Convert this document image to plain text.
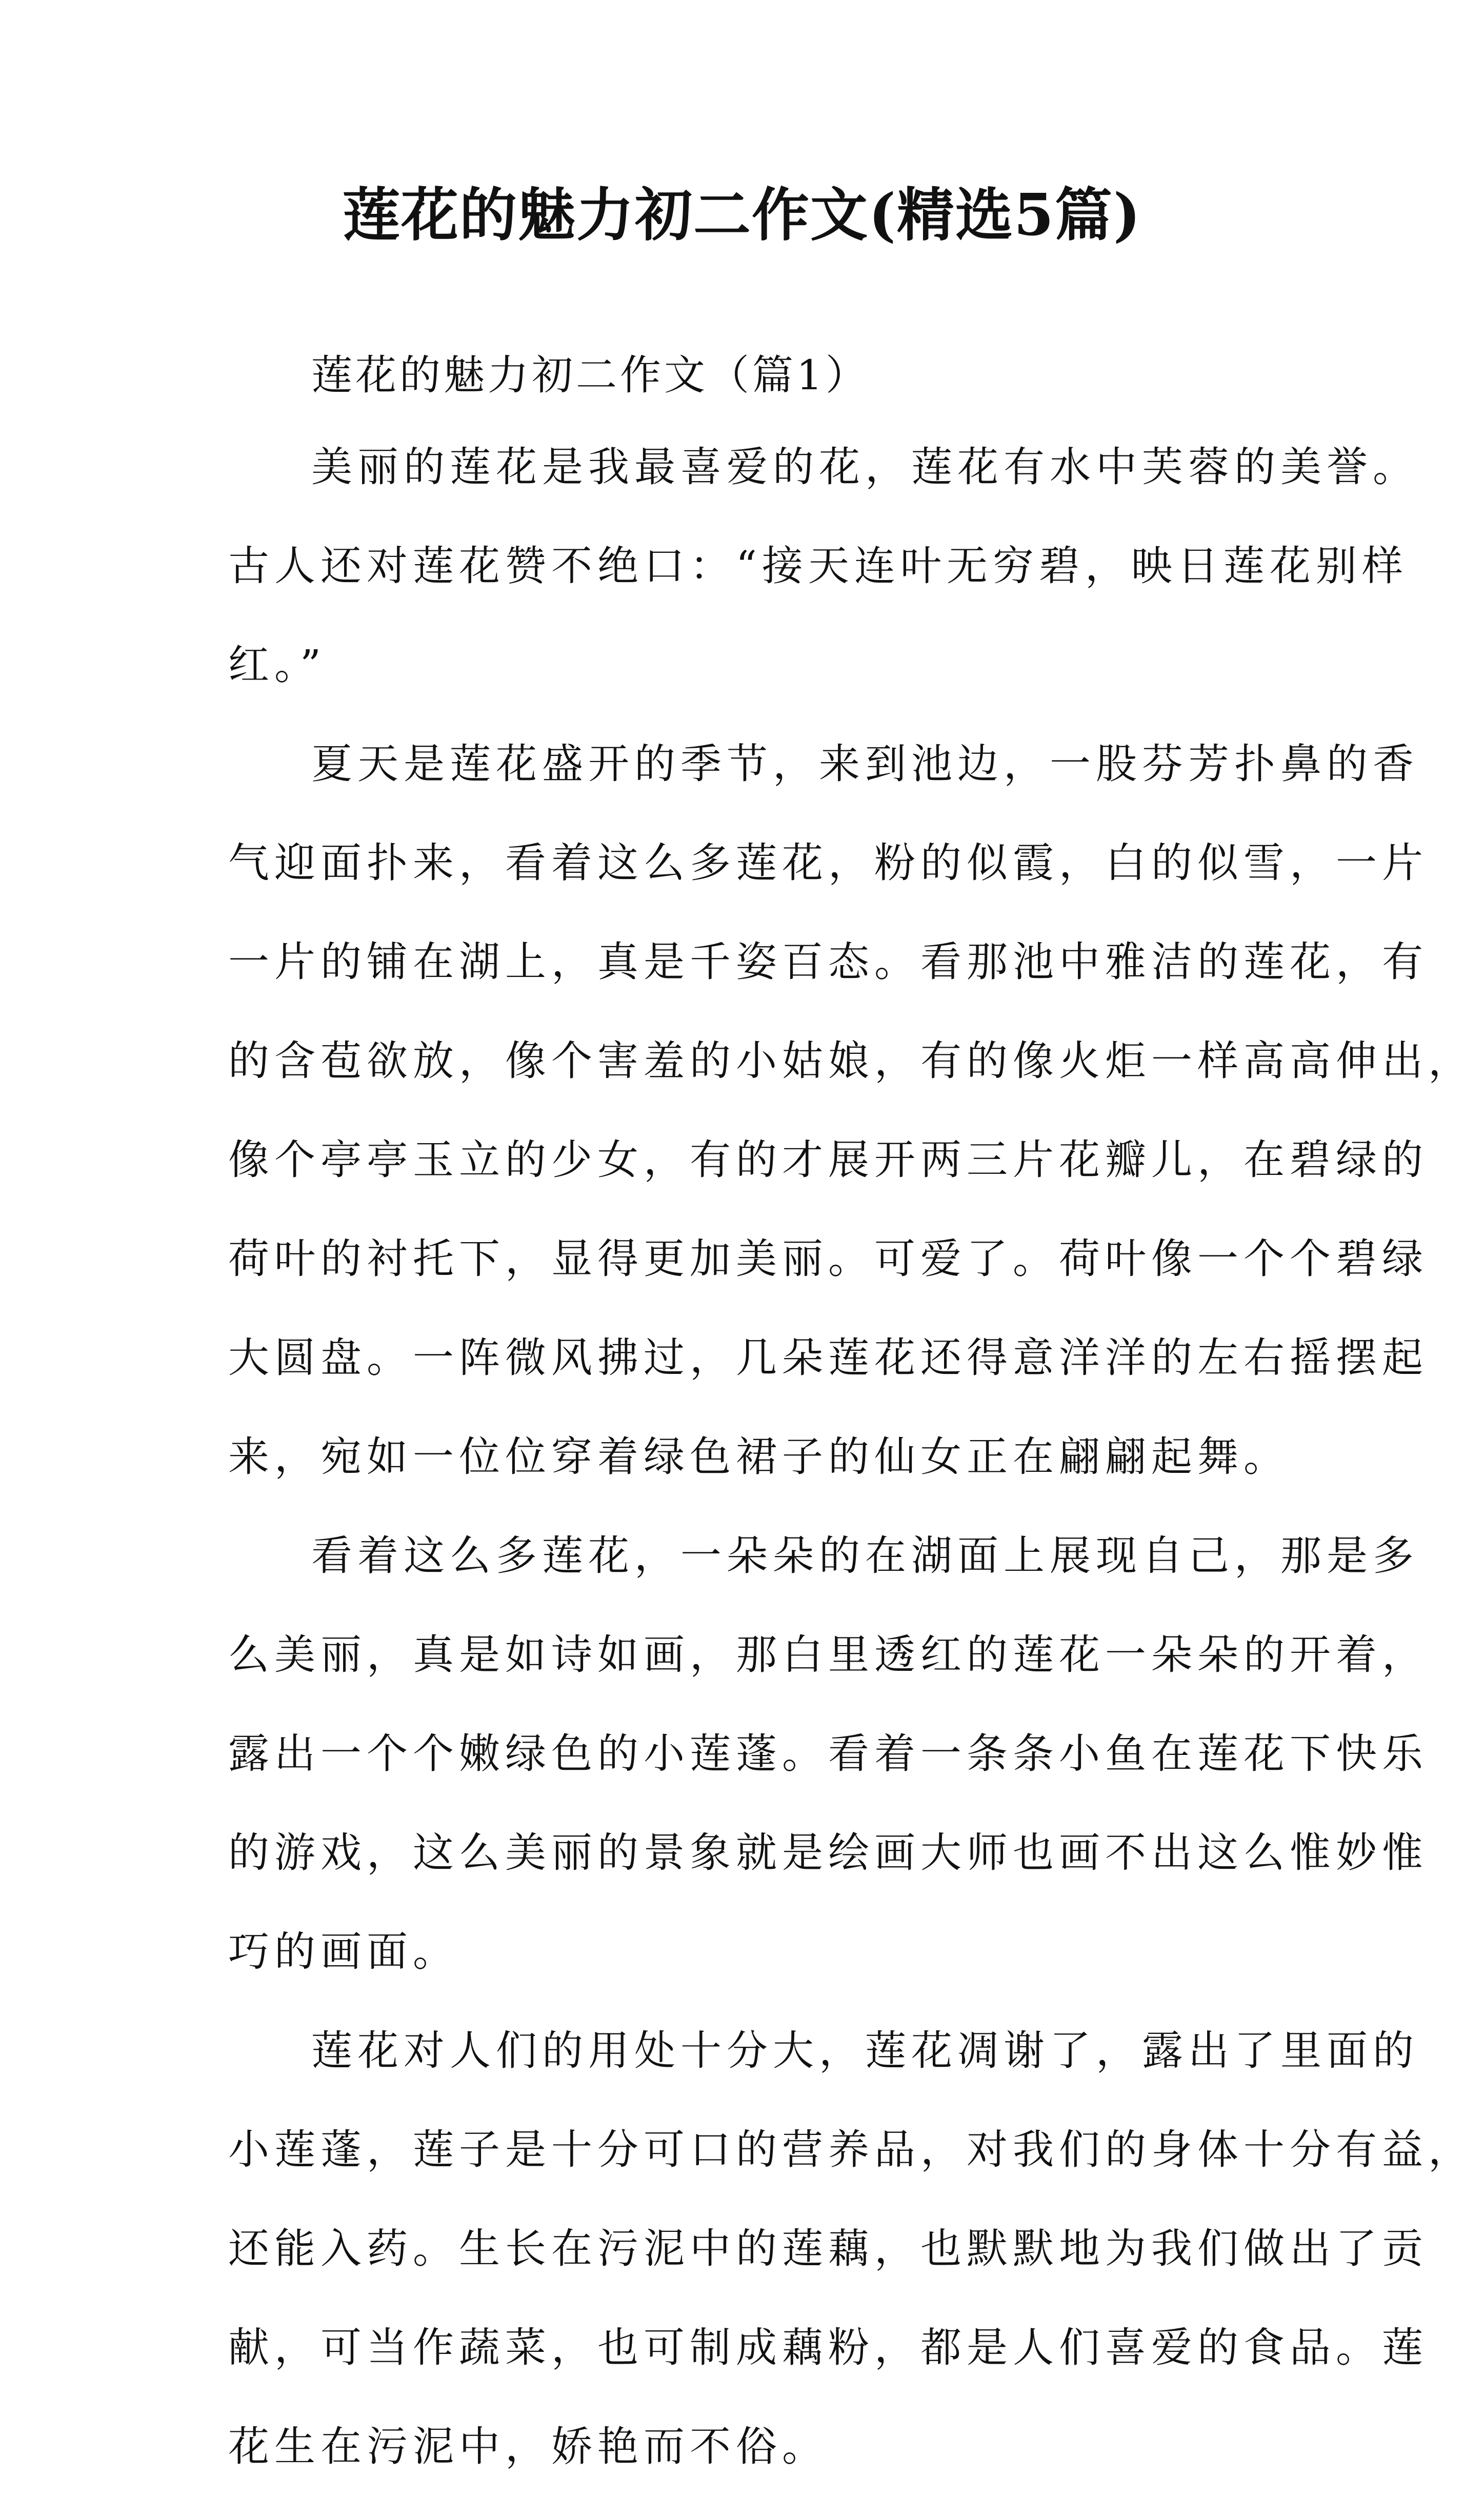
莲花的魅力初二作文(精选5篇)

莲花的魅力初二作文（篇1）

美丽的莲花是我最喜爱的花，莲花有水中芙蓉的美誉。
古人还对莲花赞不绝口：“接天连叶无穷碧，映日莲花别样
红。”

夏天是莲花盛开的季节，来到池边，一股芬芳扑鼻的香
气迎面扑来，看着这么多莲花，粉的似霞，白的似雪，一片
一片的铺在湖上，真是千姿百态。看那池中雅洁的莲花，有
的含苞欲放，像个害羞的小姑娘，有的像火炬一样高高伸出，
像个亭亭玉立的少女，有的才展开两三片花瓣儿，在碧绿的
荷叶的衬托下，显得更加美丽。可爱了。荷叶像一个个碧绿
大圆盘。一阵微风拂过，几朵莲花还得意洋洋的左右摇摆起
来，宛如一位位穿着绿色裙子的仙女正在翩翩起舞。

看着这么多莲花，一朵朵的在湖面上展现自己，那是多
么美丽，真是如诗如画，那白里透红的莲花一朵朵的开着，
露出一个个嫩绿色的小莲蓬。看着一条条小鱼在莲花下快乐
的游戏，这么美丽的景象就是绘画大师也画不出这么惟妙惟
巧的画面。

莲花对人们的用处十分大，莲花凋谢了，露出了里面的
小莲蓬，莲子是十分可口的营养品，对我们的身体十分有益，
还能入药。生长在污泥中的莲藕，也默默地为我们做出了贡
献，可当作蔬菜，也可制成藕粉，都是人们喜爱的食品。莲
花生在污泥中，娇艳而不俗。
